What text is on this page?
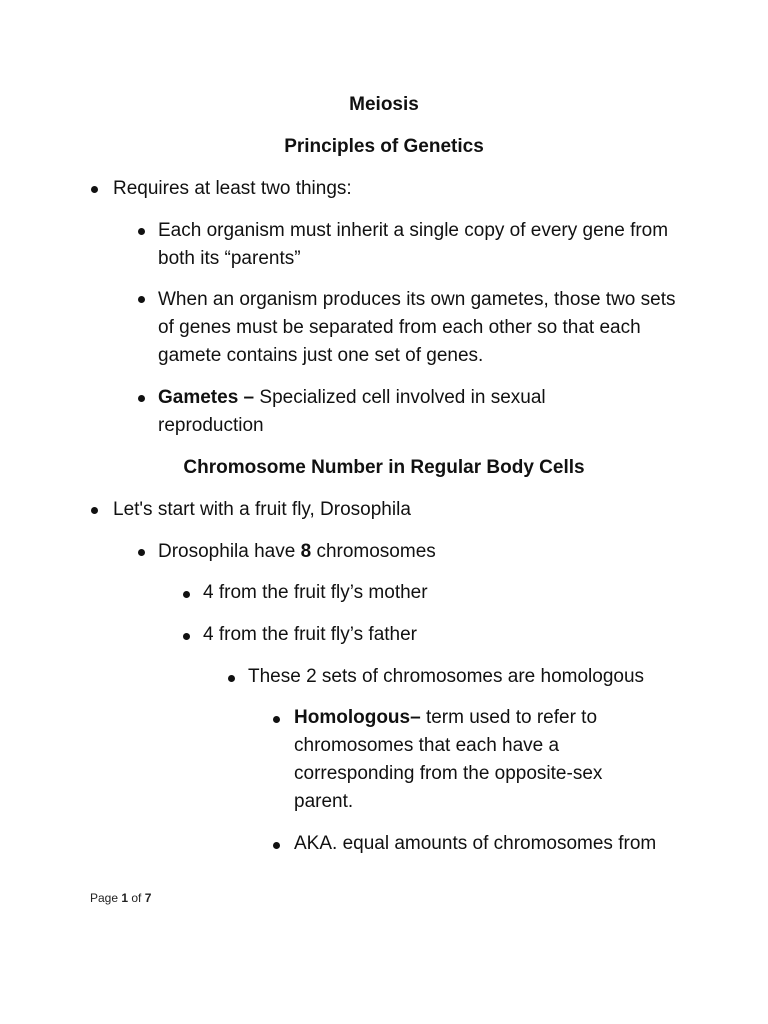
Meiosis
Principles of Genetics
Requires at least two things:
Each organism must inherit a single copy of every gene from both its “parents”
When an organism produces its own gametes, those two sets of genes must be separated from each other so that each gamete contains just one set of genes.
Gametes – Specialized cell involved in sexual reproduction
Chromosome Number in Regular Body Cells
Let's start with a fruit fly, Drosophila
Drosophila have 8 chromosomes
4 from the fruit fly’s mother
4 from the fruit fly’s father
These 2 sets of chromosomes are homologous
Homologous– term used to refer to chromosomes that each have a corresponding from the opposite-sex parent.
AKA. equal amounts of chromosomes from
Page 1 of 7
